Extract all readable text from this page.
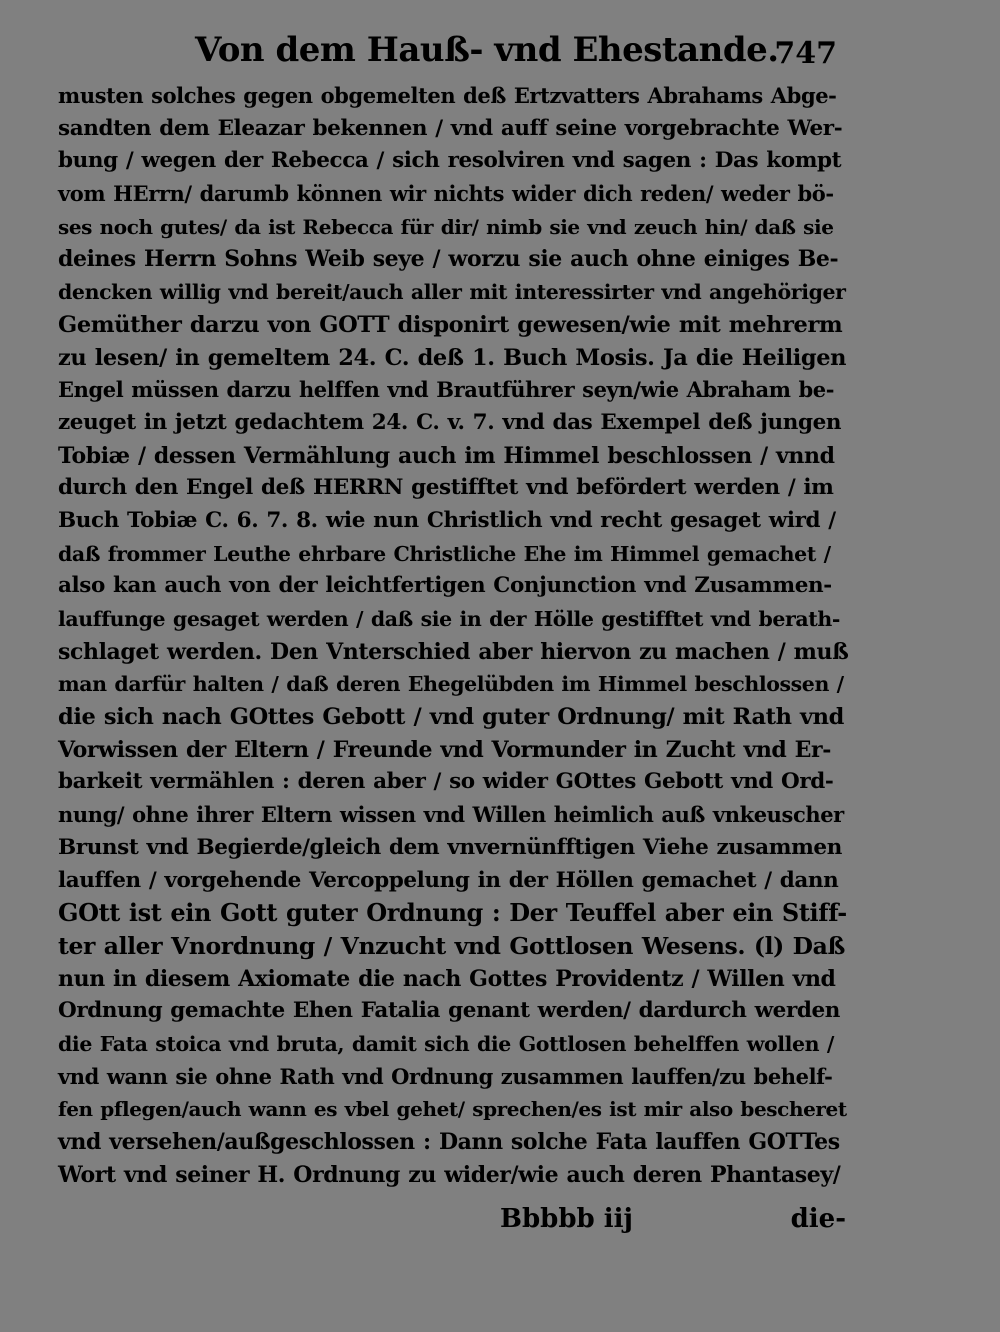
Von dem Hauß- vnd Ehestande.
747
musten solches gegen obgemelten deß Ertzvatters Abrahams Abge-
sandten dem Eleazar bekennen / vnd auff seine vorgebrachte Wer-
bung / wegen der Rebecca / sich resolviren vnd sagen : Das kompt
vom HErrn/ darumb können wir nichts wider dich reden/ weder bö-
ses noch gutes/ da ist Rebecca für dir/ nimb sie vnd zeuch hin/ daß sie
deines Herrn Sohns Weib seye / worzu sie auch ohne einiges Be-
dencken willig vnd bereit/auch aller mit interessirter vnd angehöriger
Gemüther darzu von GOTT disponirt gewesen/wie mit mehrerm
zu lesen/ in gemeltem 24. C. deß 1. Buch Mosis. Ja die Heiligen
Engel müssen darzu helffen vnd Brautführer seyn/wie Abraham be-
zeuget in jetzt gedachtem 24. C. v. 7. vnd das Exempel deß jungen
Tobiæ / dessen Vermählung auch im Himmel beschlossen / vnnd
durch den Engel deß HERRN gestifftet vnd befördert werden / im
Buch Tobiæ C. 6. 7. 8. wie nun Christlich vnd recht gesaget wird /
daß frommer Leuthe ehrbare Christliche Ehe im Himmel gemachet /
also kan auch von der leichtfertigen Conjunction vnd Zusammen-
lauffunge gesaget werden / daß sie in der Hölle gestifftet vnd berath-
schlaget werden. Den Vnterschied aber hiervon zu machen / muß
man darfür halten / daß deren Ehegelübden im Himmel beschlossen /
die sich nach GOttes Gebott / vnd guter Ordnung/ mit Rath vnd
Vorwissen der Eltern / Freunde vnd Vormunder in Zucht vnd Er-
barkeit vermählen : deren aber / so wider GOttes Gebott vnd Ord-
nung/ ohne ihrer Eltern wissen vnd Willen heimlich auß vnkeuscher
Brunst vnd Begierde/gleich dem vnvernünfftigen Viehe zusammen
lauffen / vorgehende Vercoppelung in der Höllen gemachet / dann
GOtt ist ein Gott guter Ordnung : Der Teuffel aber ein Stiff-
ter aller Vnordnung / Vnzucht vnd Gottlosen Wesens. (l) Daß
nun in diesem Axiomate die nach Gottes Providentz / Willen vnd
Ordnung gemachte Ehen Fatalia genant werden/ dardurch werden
die Fata stoica vnd bruta, damit sich die Gottlosen behelffen wollen /
vnd wann sie ohne Rath vnd Ordnung zusammen lauffen/zu behelf-
fen pflegen/auch wann es vbel gehet/ sprechen/es ist mir also bescheret
vnd versehen/außgeschlossen : Dann solche Fata lauffen GOTTes
Wort vnd seiner H. Ordnung zu wider/wie auch deren Phantasey/
Bbbbb iij	die-
